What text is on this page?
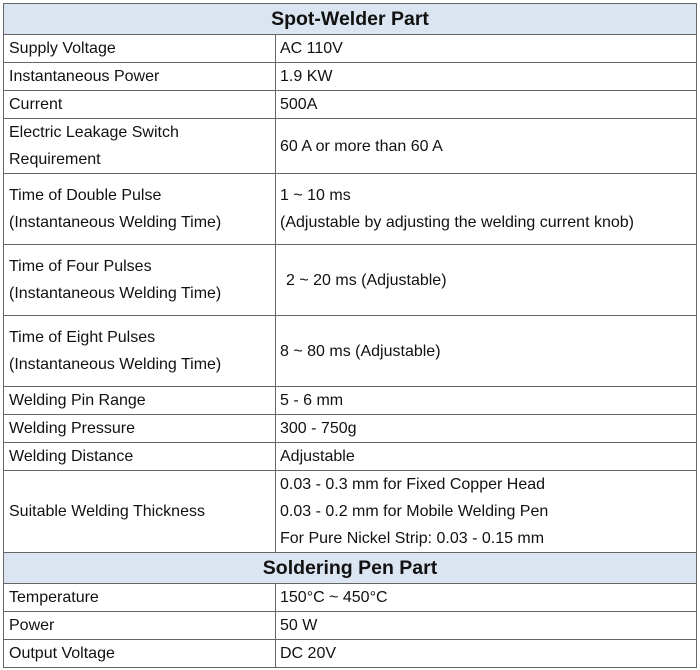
Spot-Welder Part	
Supply Voltage	AC 110V
Instantaneous Power	1.9 KW
Current	500A

Electric Leakage Switch
Requirement	60 A or more than 60 A

Time of Double Pulse
(Instantaneous Welding Time)	1 ~ 10 ms
(Adjustable by adjusting the welding current knob)

Time of Four Pulses
(Instantaneous Welding Time)	2 ~ 20 ms (Adjustable)

Time of Eight Pulses
(Instantaneous Welding Time)	8 ~ 80 ms (Adjustable)
Welding Pin Range	5 - 6 mm
Welding Pressure	300 - 750g
Welding Distance	Adjustable
Suitable Welding Thickness	0.03 - 0.3 mm for Fixed Copper Head
0.03 - 0.2 mm for Mobile Welding Pen
For Pure Nickel Strip: 0.03 - 0.15 mm

Soldering Pen Part	
Temperature	150°C ~ 450°C
Power	50 W
Output Voltage	DC 20V
